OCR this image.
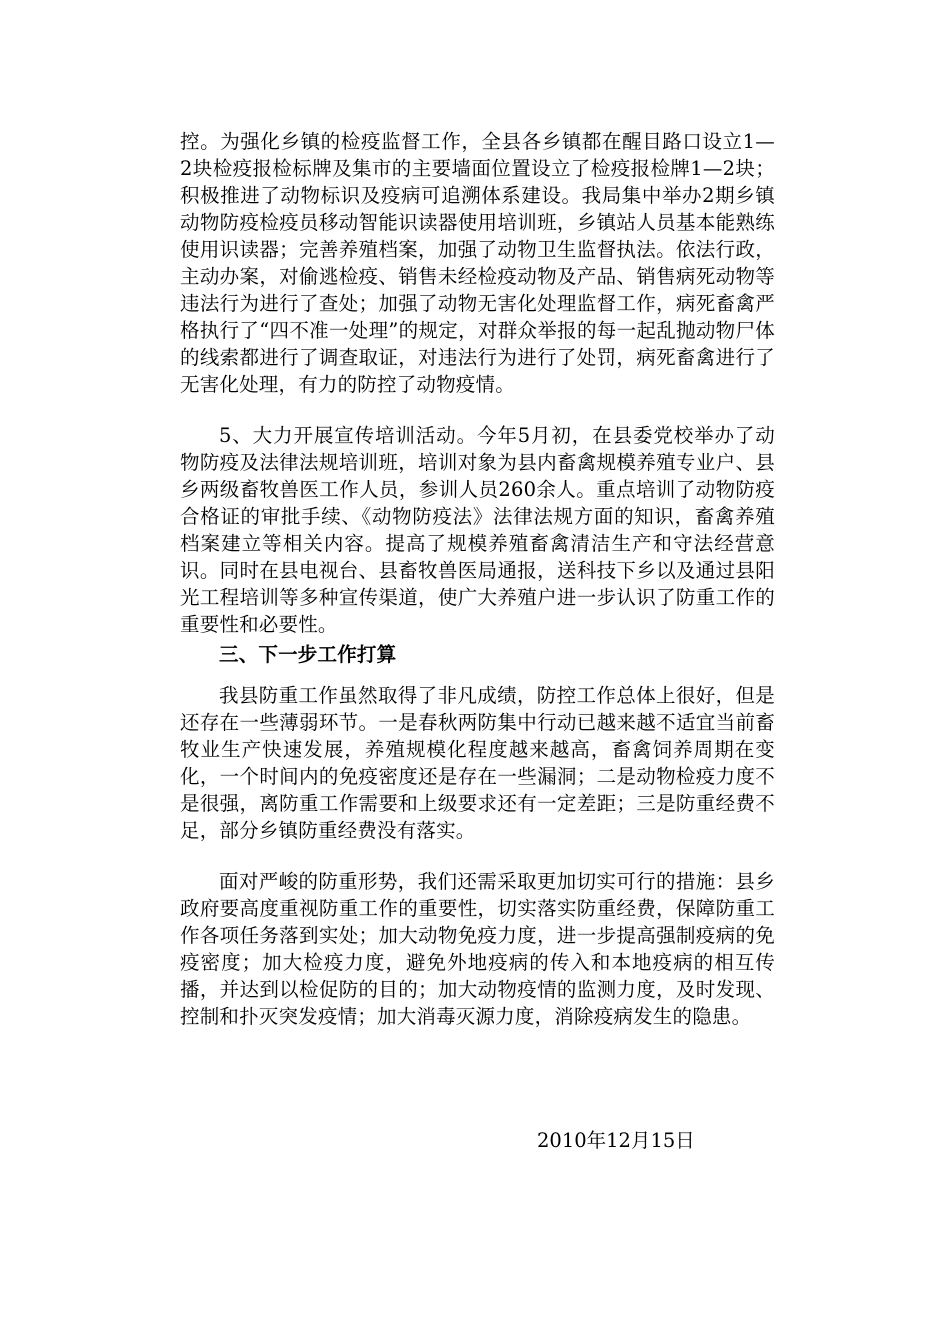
控。为强化乡镇的检疫监督工作，全县各乡镇都在醒目路口设立1—2块检疫报检标牌及集市的主要墙面位置设立了检疫报检牌1—2块；积极推进了动物标识及疫病可追溯体系建设。我局集中举办2期乡镇动物防疫检疫员移动智能识读器使用培训班，乡镇站人员基本能熟练使用识读器；完善养殖档案，加强了动物卫生监督执法。依法行政，主动办案，对偷逃检疫、销售未经检疫动物及产品、销售病死动物等违法行为进行了查处；加强了动物无害化处理监督工作，病死畜禽严格执行了“四不准一处理”的规定，对群众举报的每一起乱抛动物尸体的线索都进行了调查取证，对违法行为进行了处罚，病死畜禽进行了无害化处理，有力的防控了动物疫情。

5、大力开展宣传培训活动。今年5月初，在县委党校举办了动物防疫及法律法规培训班，培训对象为县内畜禽规模养殖专业户、县乡两级畜牧兽医工作人员，参训人员260余人。重点培训了动物防疫合格证的审批手续、《动物防疫法》法律法规方面的知识，畜禽养殖档案建立等相关内容。提高了规模养殖畜禽清洁生产和守法经营意识。同时在县电视台、县畜牧兽医局通报，送科技下乡以及通过县阳光工程培训等多种宣传渠道，使广大养殖户进一步认识了防重工作的重要性和必要性。

三、下一步工作打算

我县防重工作虽然取得了非凡成绩，防控工作总体上很好，但是还存在一些薄弱环节。一是春秋两防集中行动已越来越不适宜当前畜牧业生产快速发展，养殖规模化程度越来越高，畜禽饲养周期在变化，一个时间内的免疫密度还是存在一些漏洞；二是动物检疫力度不是很强，离防重工作需要和上级要求还有一定差距；三是防重经费不足，部分乡镇防重经费没有落实。

面对严峻的防重形势，我们还需采取更加切实可行的措施：县乡政府要高度重视防重工作的重要性，切实落实防重经费，保障防重工作各项任务落到实处；加大动物免疫力度，进一步提高强制疫病的免疫密度；加大检疫力度，避免外地疫病的传入和本地疫病的相互传播，并达到以检促防的目的；加大动物疫情的监测力度，及时发现、控制和扑灭突发疫情；加大消毒灭源力度，消除疫病发生的隐患。

2010年12月15日
